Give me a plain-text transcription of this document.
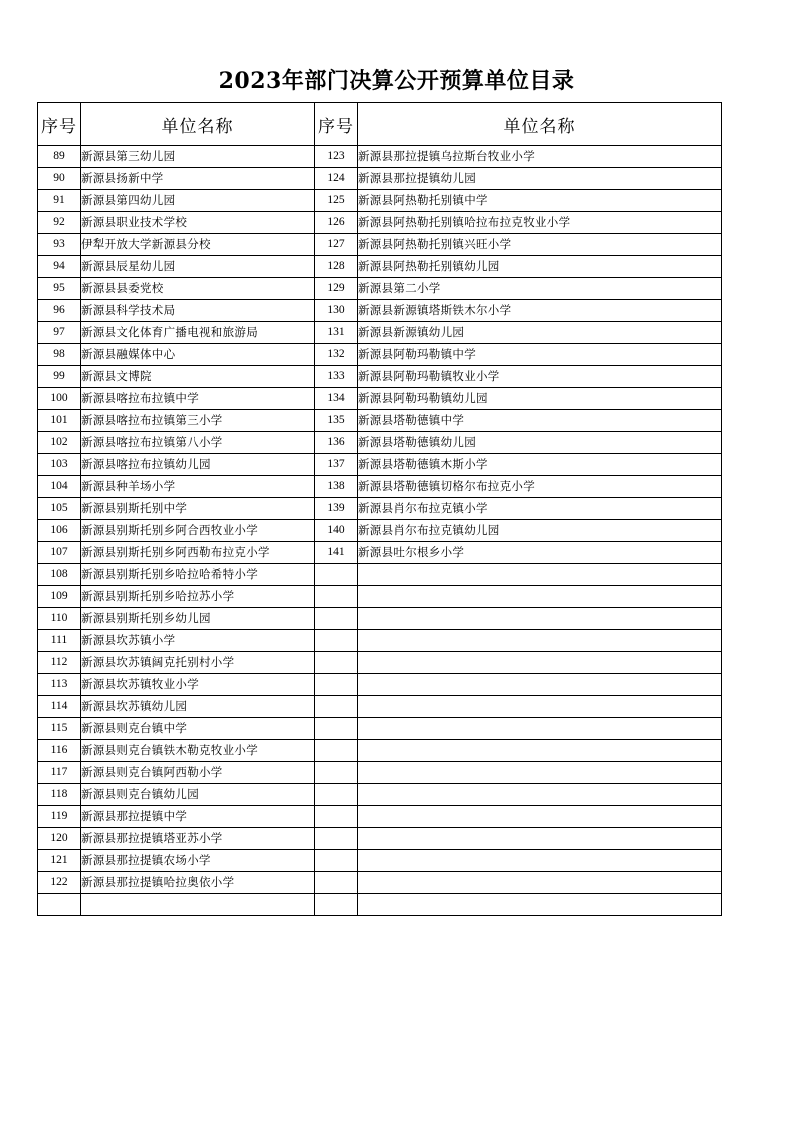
2023年部门决算公开预算单位目录
序号	单位名称	序号	单位名称
89	新源县第三幼儿园	123	新源县那拉提镇乌拉斯台牧业小学
90	新源县扬新中学	124	新源县那拉提镇幼儿园
91	新源县第四幼儿园	125	新源县阿热勒托别镇中学
92	新源县职业技术学校	126	新源县阿热勒托别镇哈拉布拉克牧业小学
93	伊犁开放大学新源县分校	127	新源县阿热勒托别镇兴旺小学
94	新源县辰星幼儿园	128	新源县阿热勒托别镇幼儿园
95	新源县县委党校	129	新源县第二小学
96	新源县科学技术局	130	新源县新源镇塔斯铁木尔小学
97	新源县文化体育广播电视和旅游局	131	新源县新源镇幼儿园
98	新源县融媒体中心	132	新源县阿勒玛勒镇中学
99	新源县文博院	133	新源县阿勒玛勒镇牧业小学
100	新源县喀拉布拉镇中学	134	新源县阿勒玛勒镇幼儿园
101	新源县喀拉布拉镇第三小学	135	新源县塔勒德镇中学
102	新源县喀拉布拉镇第八小学	136	新源县塔勒德镇幼儿园
103	新源县喀拉布拉镇幼儿园	137	新源县塔勒德镇木斯小学
104	新源县种羊场小学	138	新源县塔勒德镇切格尔布拉克小学
105	新源县别斯托别中学	139	新源县肖尔布拉克镇小学
106	新源县别斯托别乡阿合西牧业小学	140	新源县肖尔布拉克镇幼儿园
107	新源县别斯托别乡阿西勒布拉克小学	141	新源县吐尔根乡小学
108	新源县别斯托别乡哈拉哈希特小学		
109	新源县别斯托别乡哈拉苏小学		
110	新源县别斯托别乡幼儿园		
111	新源县坎苏镇小学		
112	新源县坎苏镇阔克托别村小学		
113	新源县坎苏镇牧业小学		
114	新源县坎苏镇幼儿园		
115	新源县则克台镇中学		
116	新源县则克台镇铁木勒克牧业小学		
117	新源县则克台镇阿西勒小学		
118	新源县则克台镇幼儿园		
119	新源县那拉提镇中学		
120	新源县那拉提镇塔亚苏小学		
121	新源县那拉提镇农场小学		
122	新源县那拉提镇哈拉奥依小学		
